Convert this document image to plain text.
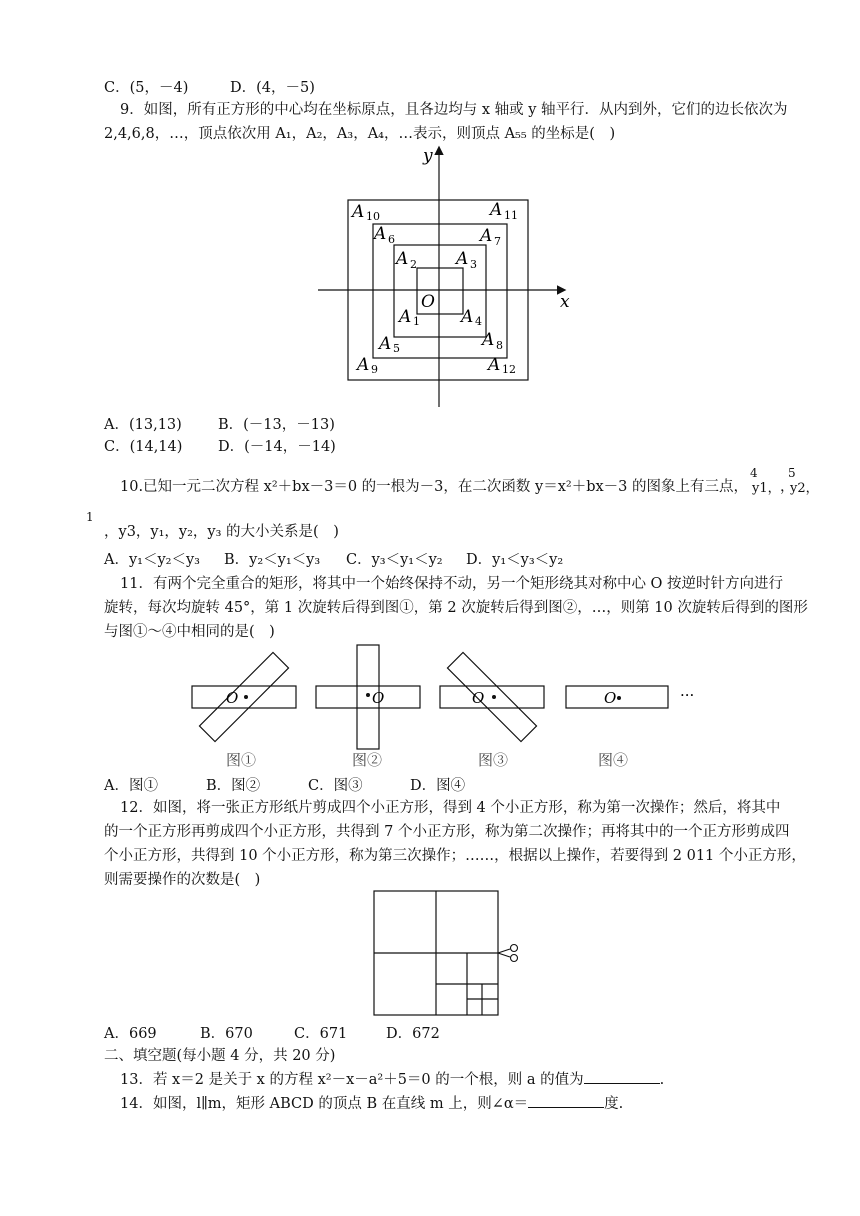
C．(5，－4)	D．(4，－5)
9．如图，所有正方形的中心均在坐标原点，且各边均与 x 轴或 y 轴平行．从内到外，它们的边长依次为
2,4,6,8，…，顶点依次用 A₁，A₂，A₃，A₄，…表示，则顶点 A₅₅ 的坐标是(　)
x
y
O
A 10	A 11
A 6	A 7
A 2 A 3
A 1 A 4
A 5	A 8
A 9	A 12
A．(13,13) B．(－13，－13)
C．(14,14) D．(－14，－14)
10.已知一元二次方程 x²＋bx－3＝0 的一根为－3，在二次函数 y＝x²＋bx－3 的图象上有三点，
4
y1， ，
5
y2，
1
，y3，y₁，y₂，y₃ 的大小关系是(　)
A．y₁＜y₂＜y₃ B．y₂＜y₁＜y₃ C．y₃＜y₁＜y₂ D．y₁＜y₃＜y₂
11．有两个完全重合的矩形，将其中一个始终保持不动，另一个矩形绕其对称中心 O 按逆时针方向进行
旋转，每次均旋转 45°，第 1 次旋转后得到图①，第 2 次旋转后得到图②，…，则第 10 次旋转后得到的图形
与图①～④中相同的是(　)
O
图①
O
图②
O
图③
O
图④
···
A．图①	B．图②	C．图③	D．图④
12．如图，将一张正方形纸片剪成四个小正方形，得到 4 个小正方形，称为第一次操作；然后，将其中
的一个正方形再剪成四个小正方形，共得到 7 个小正方形，称为第二次操作；再将其中的一个正方形剪成四
个小正方形，共得到 10 个小正方形，称为第三次操作；……，根据以上操作，若要得到 2 011 个小正方形，
则需要操作的次数是(　)
A．669	B．670	C．671	D．672
二、填空题(每小题 4 分，共 20 分)
13．若 x＝2 是关于 x 的方程 x²－x－a²＋5＝0 的一个根，则 a 的值为	.
14．如图，l∥m，矩形 ABCD 的顶点 B 在直线 m 上，则∠α＝	度.
